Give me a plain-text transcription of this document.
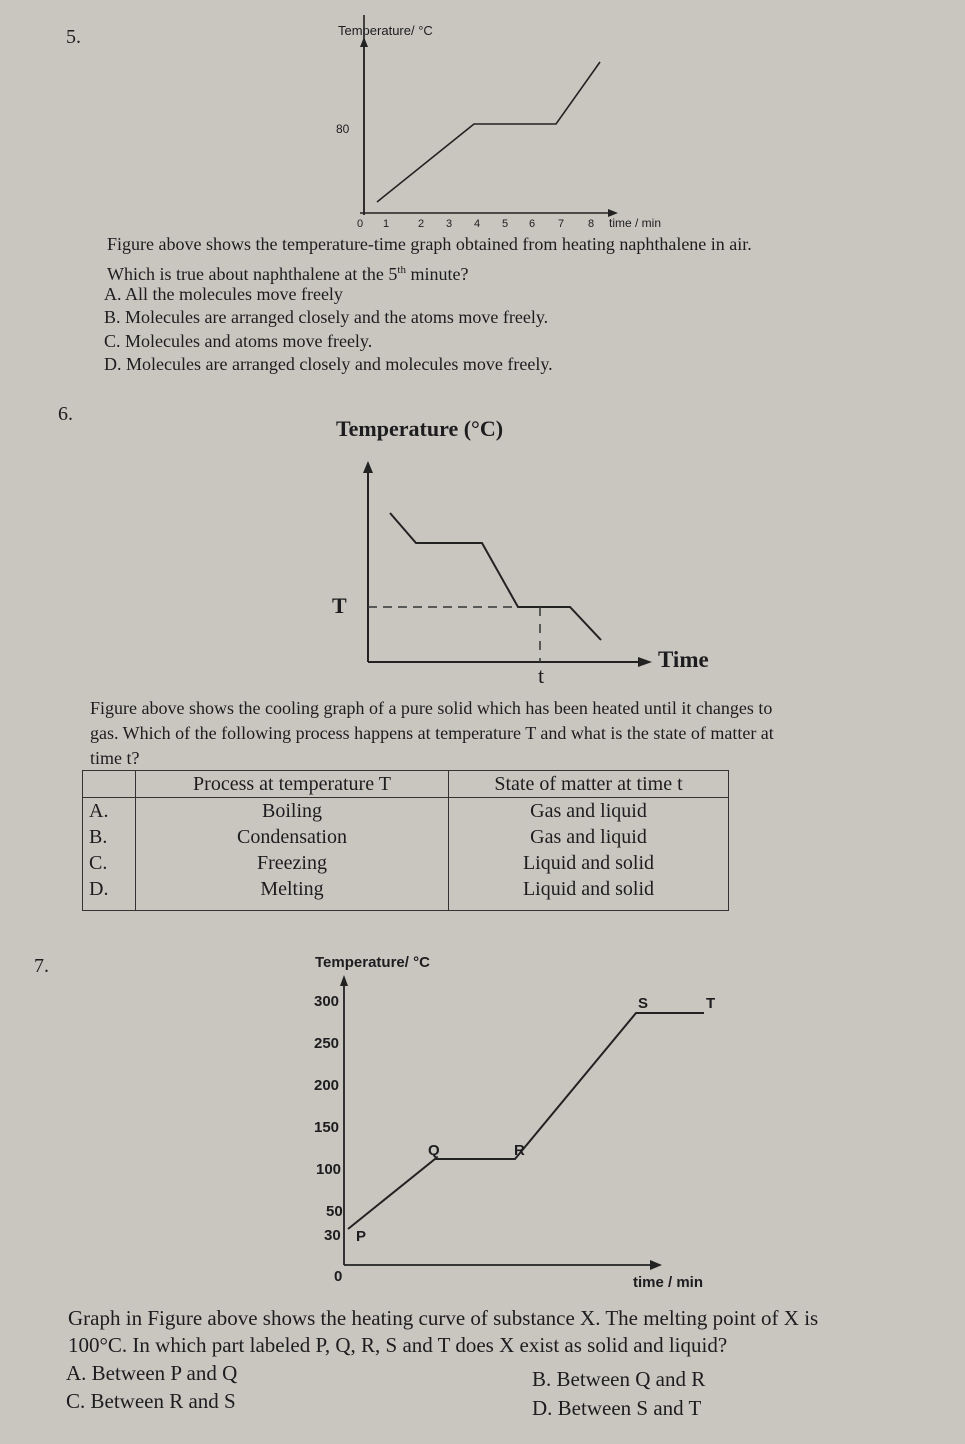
5.	Temperature/ °C
80
0 1	2 3 4 5 6 7 8 time / min
Figure above shows the temperature-time graph obtained from heating naphthalene in air.
Which is true about naphthalene at the 5th minute?
A. All the molecules move freely
B. Molecules are arranged closely and the atoms move freely.
C. Molecules and atoms move freely.
D. Molecules are arranged closely and molecules move freely.
6.
Temperature (°C)
T
t
Time
Figure above shows the cooling graph of a pure solid which has been heated until it changes to
gas. Which of the following process happens at temperature T and what is the state of matter at
time t?
	Process at temperature T	State of matter at time t
A.	Boiling	Gas and liquid
B.	Condensation	Gas and liquid
C.	Freezing	Liquid and solid
D.	Melting	Liquid and solid
7.	Temperature/ °C
300
250
200
150
100
50
30
0
P
Q	R
S	T
time / min
Graph in Figure above shows the heating curve of substance X. The melting point of X is
100°C. In which part labeled P, Q, R, S and T does X exist as solid and liquid?
A. Between P and Q	B. Between Q and R
C. Between R and S	D. Between S and T
